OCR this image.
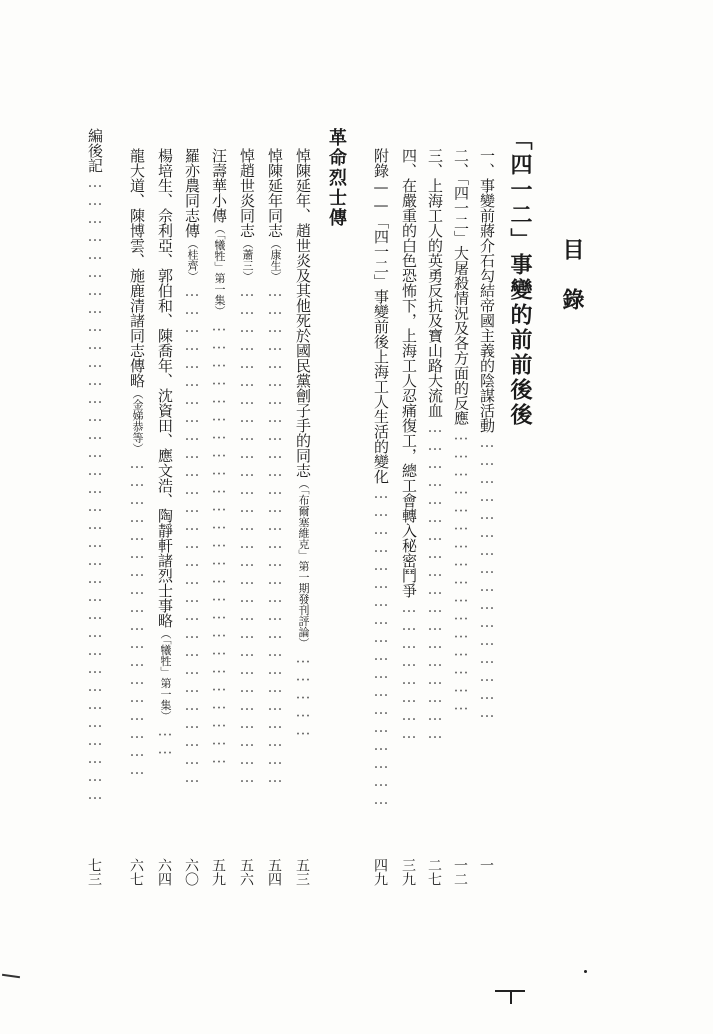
目　錄
「四一二」事變的前前後後
一、事變前蔣介石勾結帝國主義的陰謀活動…………………………………………
一
二、「四一二」大屠殺情況及各方面的反應…………………………………………
一二
三、上海工人的英勇反抗及寶山路大流血………………………………………………
二七
四、在嚴重的白色恐怖下，上海工人忍痛復工，總工會轉入秘密鬥爭……………………
三九
附錄——「四一二」事變前後上海工人生活的變化………………………………………………
四九
革命烈士傳
悼陳延年、趙世炎及其他死於國民黨劊子手的同志（「布爾塞維克」第一期發刊評論）……………
五三
悼陳延年同志（康生）…………………………………………………………………………
五四
悼趙世炎同志（蕭三）…………………………………………………………………………
五六
汪壽華小傳（「犧牲」第一集）…………………………………………………………………
五九
羅亦農同志傳（桂齊）…………………………………………………………………………
六〇
楊培生、佘利亞、郭伯和、陳喬年、沈資田、應文浩、陶靜軒諸烈士事略（「犧牲」第一集）……
六四
龍大道、陳博雲、施鹿清諸同志傳略（金娣恭等）………………………………………………
六七
編後記……………………………………………………………………………………………
七三
